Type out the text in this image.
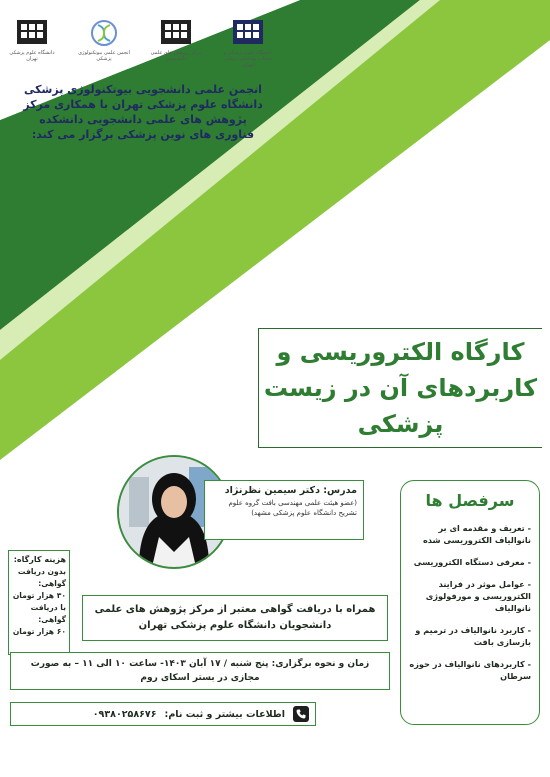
دانشگاه علوم پزشکی تهران
انجمن علمی بیوتکنولوژی پزشکی
مرکز پژوهش های علمی دانشجویی
دانشگاه علوم پزشکی و خدمات بهداشتی درمانی تهران
انجمن علمی دانشجویی بیوتکنولوژی پزشکی دانشگاه علوم پزشکی تهران با همکاری مرکز پژوهش های علمی دانشجویی دانشکده فناوری های نوین پزشکی برگزار می کند:
کارگاه الکتروریسی و
کاربردهای آن در زیست
پزشکی
مدرس: دکتر سیمین نظرنژاد
(عضو هیئت علمی مهندسی بافت گروه علوم تشریح دانشگاه علوم پزشکی مشهد)
سرفصل ها
- تعریف و مقدمه ای بر نانوالیاف الکتروریسی شده
- معرفی دستگاه الکتروریسی
- عوامل موثر در فرایند الکتروریسی و مورفولوژی نانوالیاف
- کاربرد نانوالیاف در ترمیم و بازسازی بافت
- کاربردهای نانوالیاف در حوزه سرطان
هزینه کارگاه:
بدون دریافت گواهی:
۳۰ هزار تومان
با دریافت گواهی:
۶۰ هزار تومان
همراه با دریافت گواهی معتبر از مرکز پژوهش های علمی دانشجویان دانشگاه علوم پزشکی تهران
زمان و نحوه برگزاری: پنج شنبه / ۱۷ آبان ۱۴۰۳- ساعت ۱۰ الی ۱۱ – به صورت مجازی در بستر اسکای روم
اطلاعات بیشتر و ثبت نام:
۰۹۳۸۰۲۵۸۶۷۶
